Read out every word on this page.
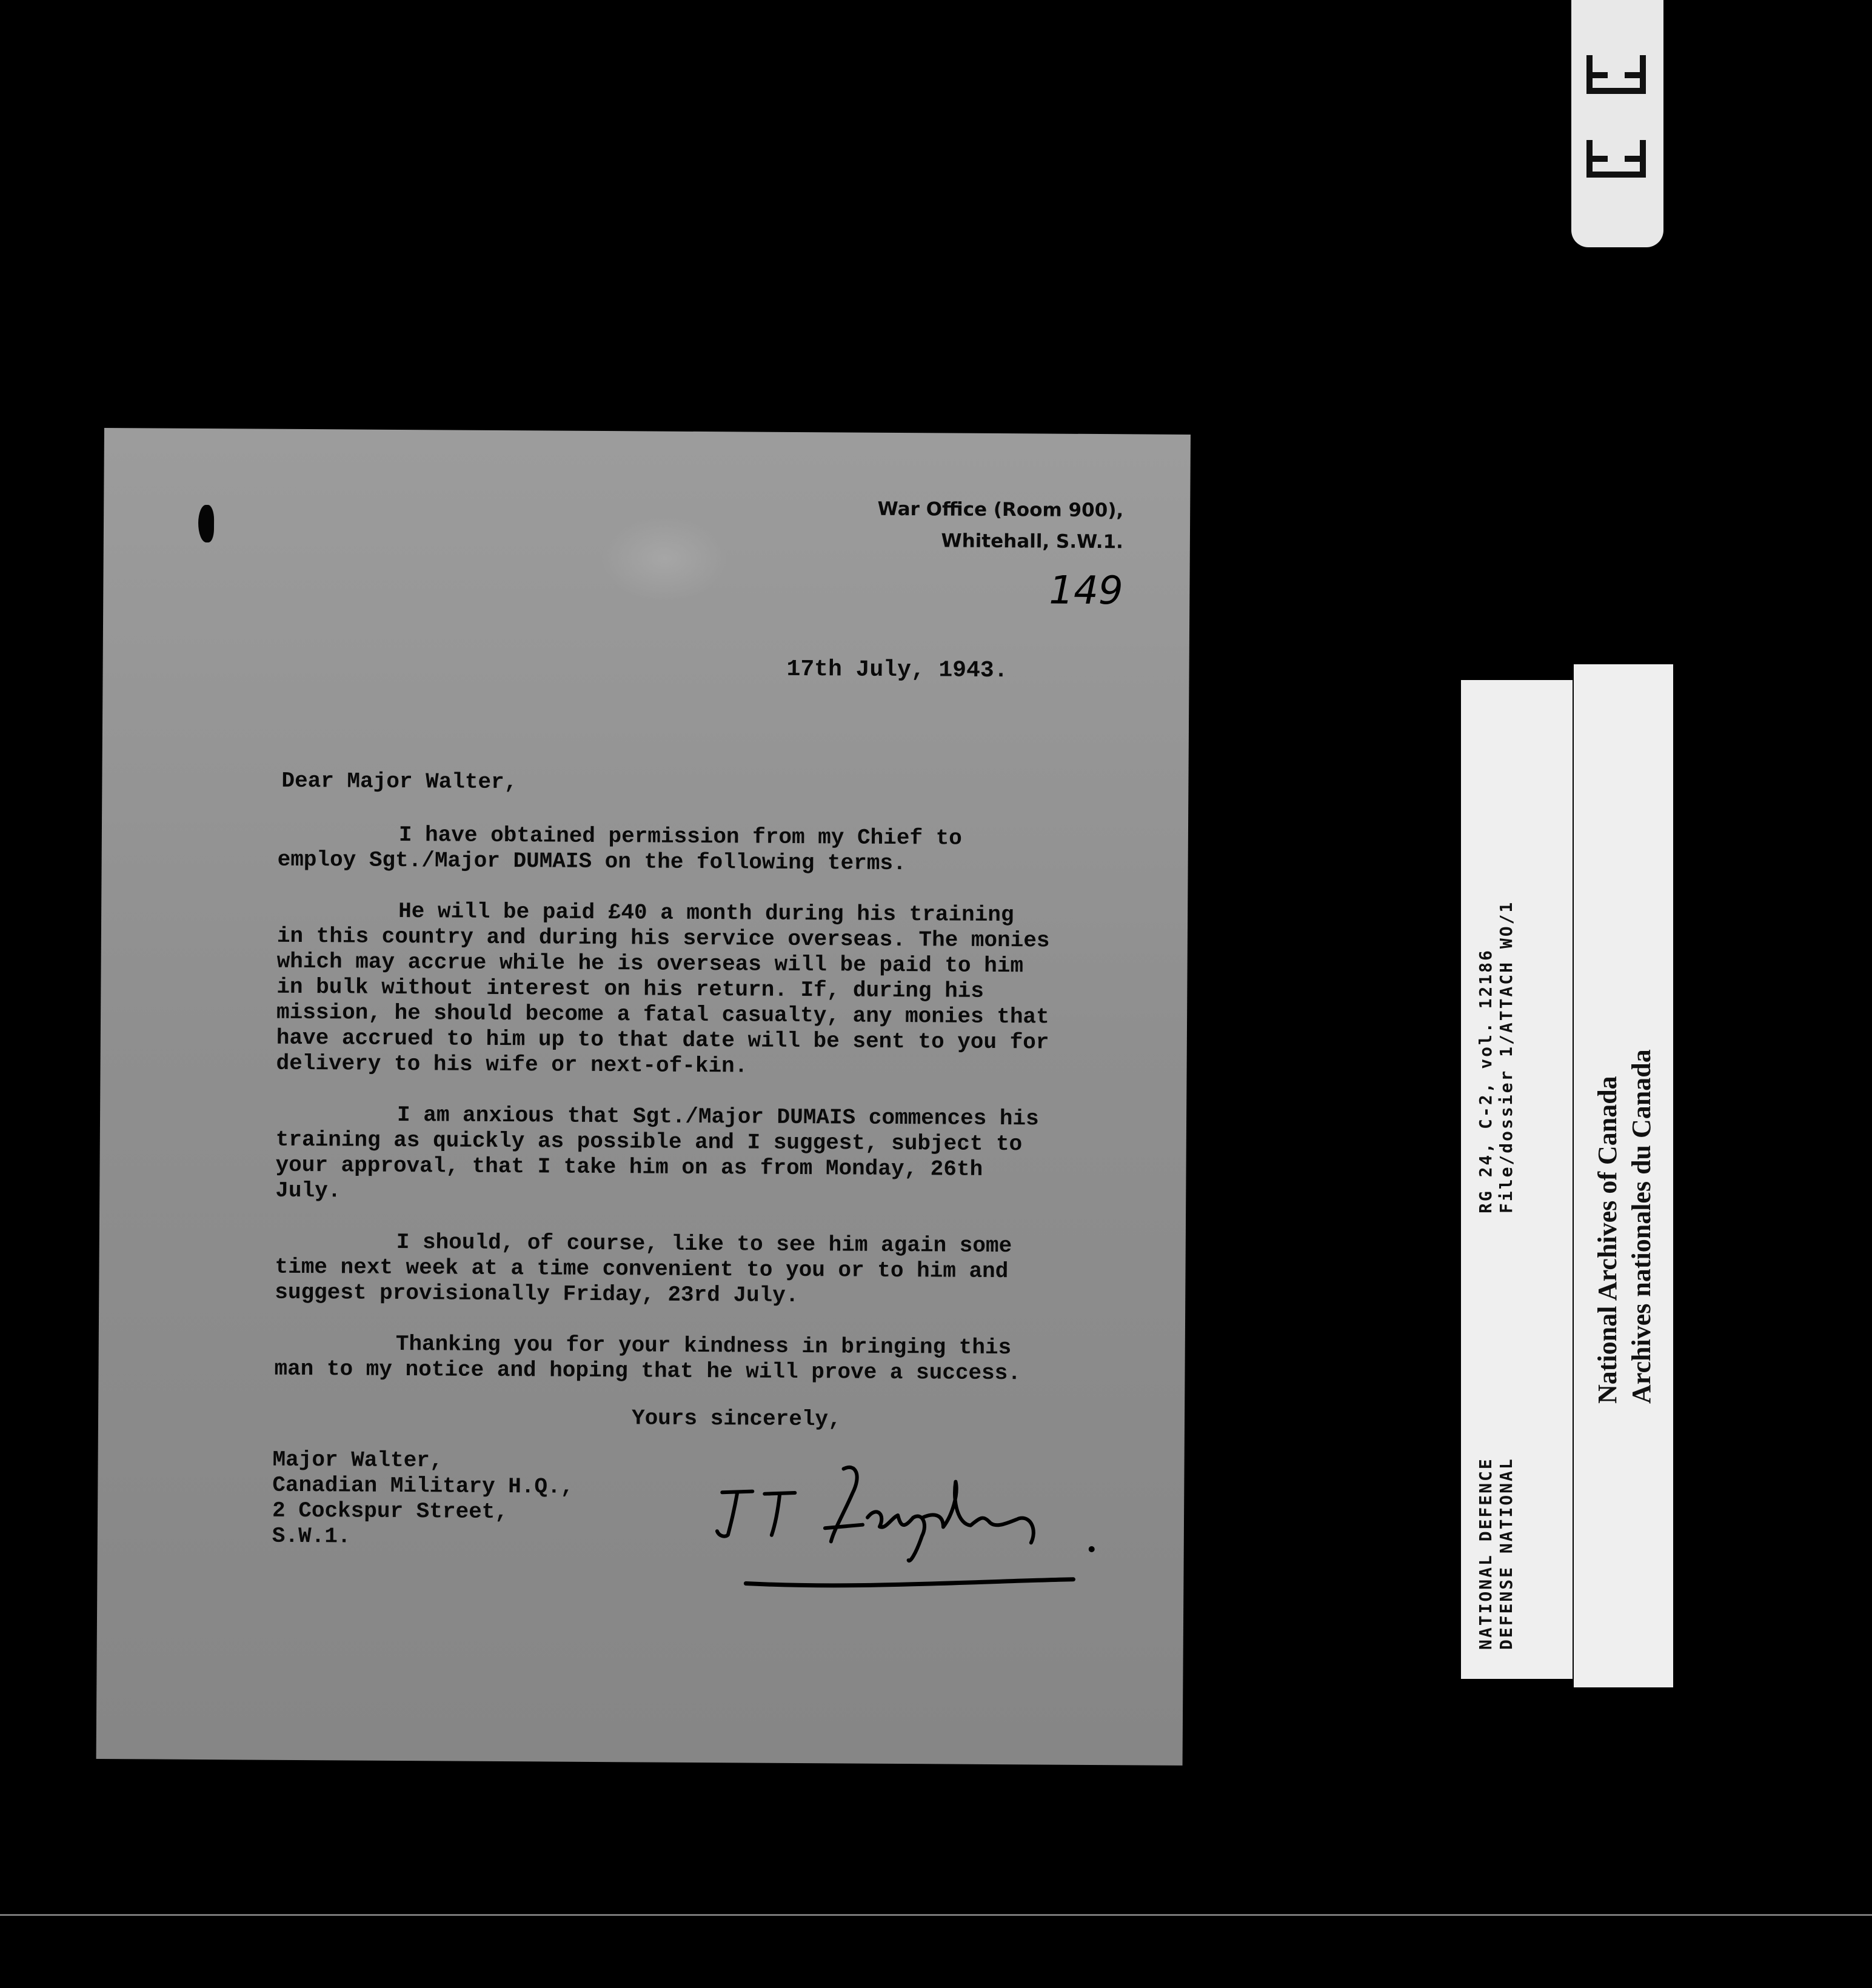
War Office (Room 900),
Whitehall, S.W.1.
149
17th July, 1943.
Dear Major Walter,

I have obtained permission from my Chief to employ Sgt./Major DUMAIS on the following terms.

He will be paid £40 a month during his training in this country and during his service overseas. The monies which may accrue while he is overseas will be paid to him in bulk without interest on his return. If, during his mission, he should become a fatal casualty, any monies that have accrued to him up to that date will be sent to you for delivery to his wife or next-of-kin.

I am anxious that Sgt./Major DUMAIS commences his training as quickly as possible and I suggest, subject to your approval, that I take him on as from Monday, 26th July.

I should, of course, like to see him again some time next week at a time convenient to you or to him and suggest provisionally Friday, 23rd July.

Thanking you for your kindness in bringing this man to my notice and hoping that he will prove a success.

Yours sincerely,
Major Walter,
Canadian Military H.Q.,
2 Cockspur Street,
S.W.1.
RG 24, C-2, vol. 12186 File/dossier 1/ATTACH WO/1
NATIONAL DEFENCE DEFENSE NATIONAL
National Archives of Canada Archives nationales du Canada
